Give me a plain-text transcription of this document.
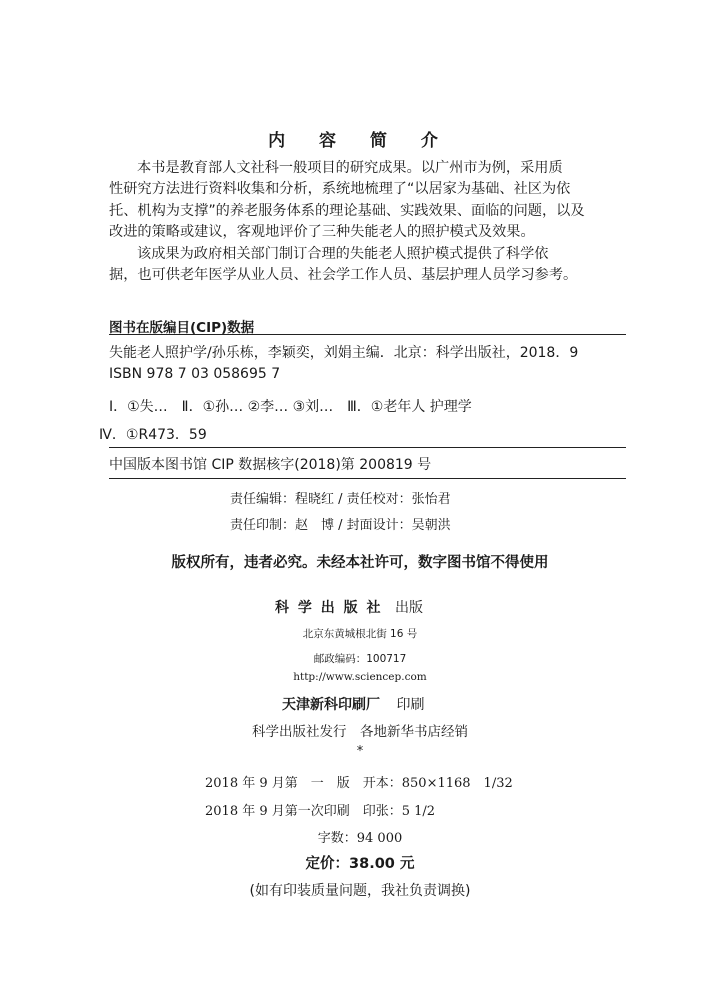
内 容 简 介
本书是教育部人文社科一般项目的研究成果。以广州市为例，采用质
性研究方法进行资料收集和分析，系统地梳理了“以居家为基础、社区为依
托、机构为支撑”的养老服务体系的理论基础、实践效果、面临的问题，以及
改进的策略或建议，客观地评价了三种失能老人的照护模式及效果。
该成果为政府相关部门制订合理的失能老人照护模式提供了科学依
据，也可供老年医学从业人员、社会学工作人员、基层护理人员学习参考。
图书在版编目(CIP)数据
失能老人照护学/孙乐栋，李颖奕，刘娟主编．北京：科学出版社，2018．9
ISBN 978 7 03 058695 7
Ⅰ．①失…　Ⅱ．①孙… ②李… ③刘…　Ⅲ．①老年人 护理学
Ⅳ．①R473．59
中国版本图书馆 CIP 数据核字(2018)第 200819 号
责任编辑：程晓红 / 责任校对：张怡君
责任印制：赵　博 / 封面设计：吴朝洪
版权所有，违者必究。未经本社许可，数字图书馆不得使用
科 学 出 版 社 出版
北京东黄城根北街 16 号
邮政编码：100717
http://www.sciencep.com
天津新科印刷厂 印刷
科学出版社发行　各地新华书店经销
*
2018 年 9 月第　一　版　开本：850×1168　1/32
2018 年 9 月第一次印刷　印张：5 1/2
字数：94 000
定价：38.00 元
(如有印装质量问题，我社负责调换)
